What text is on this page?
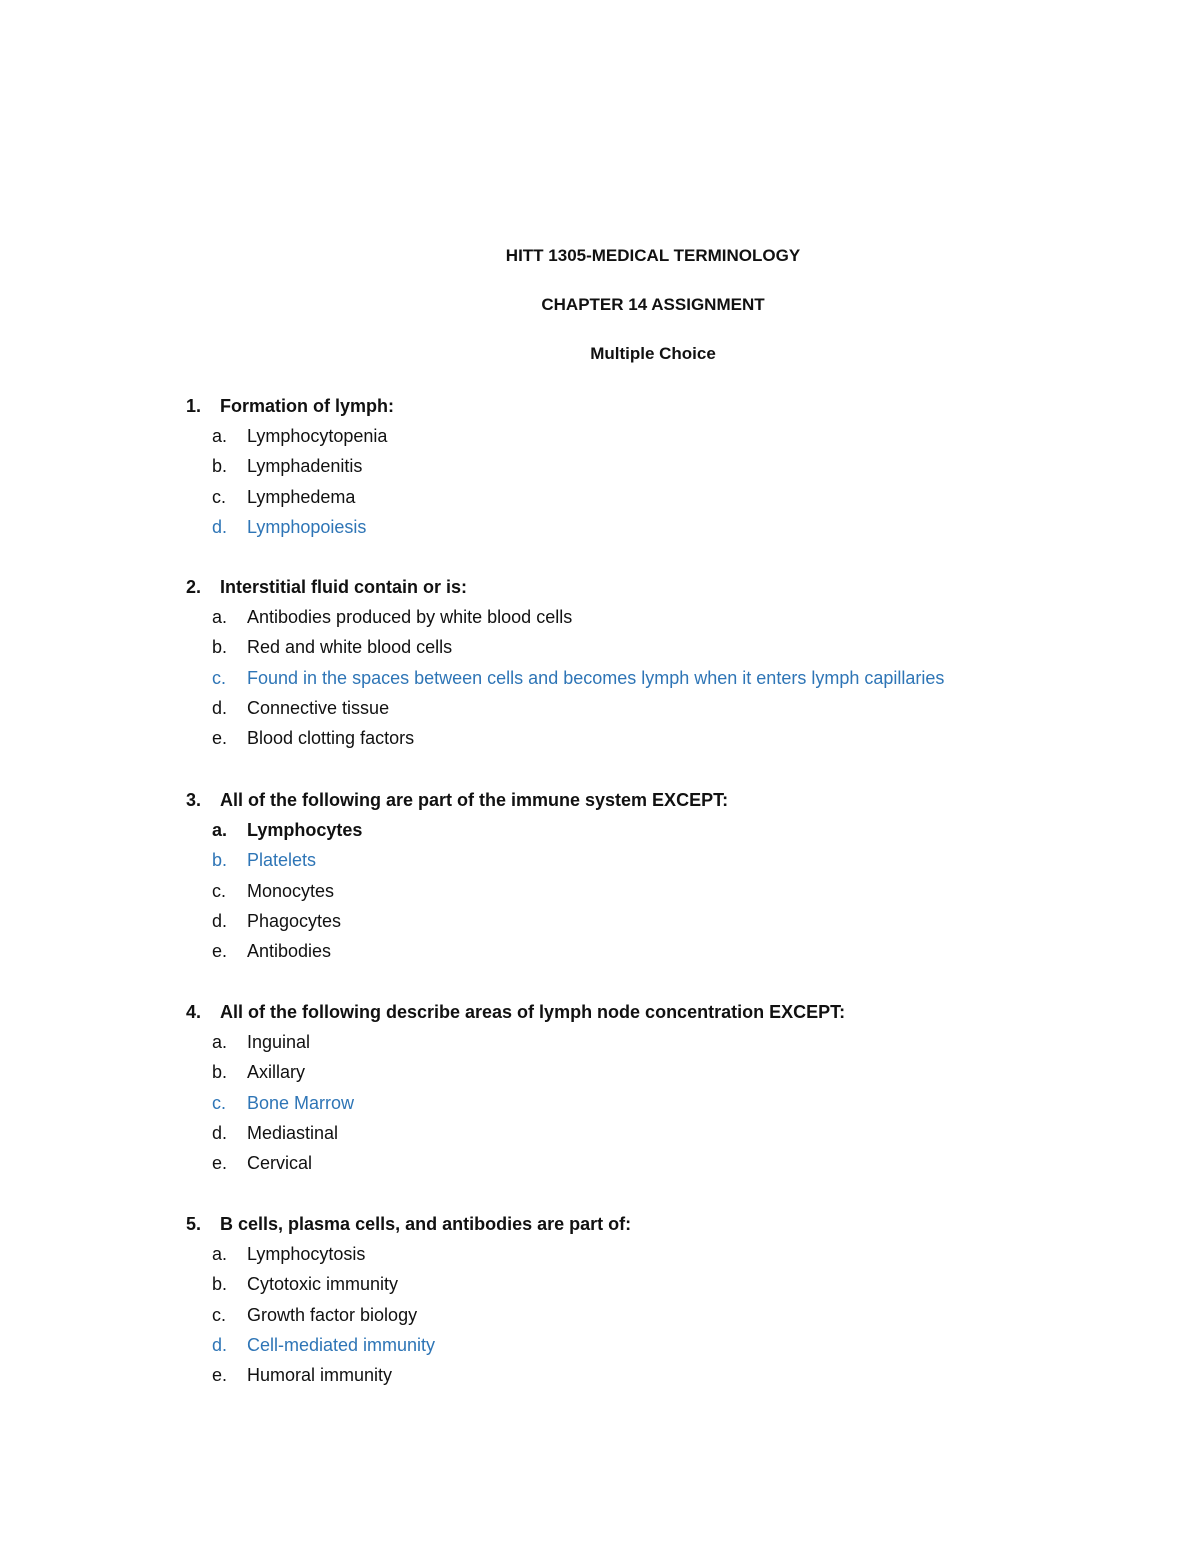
HITT 1305-MEDICAL TERMINOLOGY
CHAPTER 14 ASSIGNMENT
Multiple Choice
1. Formation of lymph:
a. Lymphocytopenia
b. Lymphadenitis
c. Lymphedema
d. Lymphopoiesis
2. Interstitial fluid contain or is:
a. Antibodies produced by white blood cells
b. Red and white blood cells
c. Found in the spaces between cells and becomes lymph when it enters lymph capillaries
d. Connective tissue
e. Blood clotting factors
3. All of the following are part of the immune system EXCEPT:
a. Lymphocytes
b. Platelets
c. Monocytes
d. Phagocytes
e. Antibodies
4. All of the following describe areas of lymph node concentration EXCEPT:
a. Inguinal
b. Axillary
c. Bone Marrow
d. Mediastinal
e. Cervical
5. B cells, plasma cells, and antibodies are part of:
a. Lymphocytosis
b. Cytotoxic immunity
c. Growth factor biology
d. Cell-mediated immunity
e. Humoral immunity
